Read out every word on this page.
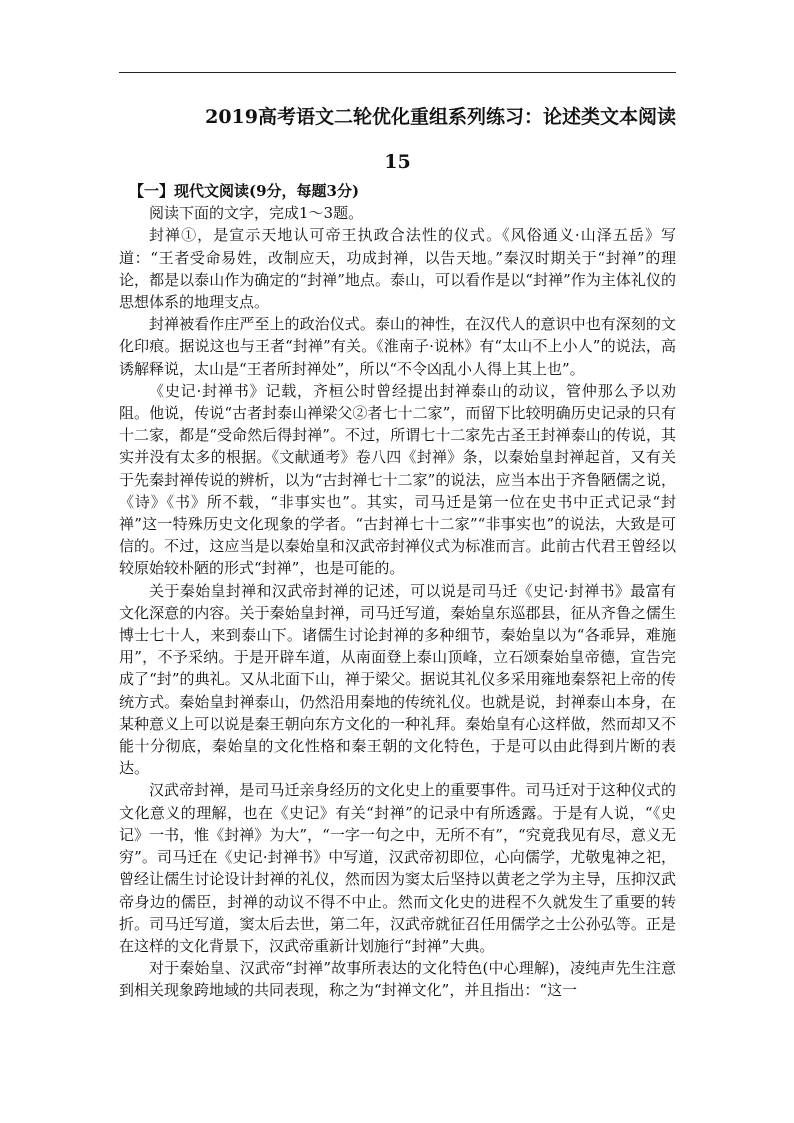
2019高考语文二轮优化重组系列练习：论述类文本阅读
15
【一】现代文阅读(9分，每题3分)

阅读下面的文字，完成1～3题。

封禅①，是宣示天地认可帝王执政合法性的仪式。《风俗通义·山泽五岳》写道：“王者受命易姓，改制应天，功成封禅，以告天地。”秦汉时期关于“封禅”的理论，都是以泰山作为确定的“封禅”地点。泰山，可以看作是以“封禅”作为主体礼仪的思想体系的地理支点。

封禅被看作庄严至上的政治仪式。泰山的神性，在汉代人的意识中也有深刻的文化印痕。据说这也与王者“封禅”有关。《淮南子·说林》有“太山不上小人”的说法，高诱解释说，太山是“王者所封禅处”，所以“不令凶乱小人得上其上也”。

《史记·封禅书》记载，齐桓公时曾经提出封禅泰山的动议，管仲那么予以劝阻。他说，传说“古者封泰山禅梁父②者七十二家”，而留下比较明确历史记录的只有十二家，都是“受命然后得封禅”。不过，所谓七十二家先古圣王封禅泰山的传说，其实并没有太多的根据。《文献通考》卷八四《封禅》条，以秦始皇封禅起首，又有关于先秦封禅传说的辨析，以为“古封禅七十二家”的说法，应当本出于齐鲁陋儒之说，《诗》《书》所不载，“非事实也”。其实，司马迁是第一位在史书中正式记录“封禅”这一特殊历史文化现象的学者。“古封禅七十二家”“非事实也”的说法，大致是可信的。不过，这应当是以秦始皇和汉武帝封禅仪式为标准而言。此前古代君王曾经以较原始较朴陋的形式“封禅”，也是可能的。

关于秦始皇封禅和汉武帝封禅的记述，可以说是司马迁《史记·封禅书》最富有文化深意的内容。关于秦始皇封禅，司马迁写道，秦始皇东巡郡县，征从齐鲁之儒生博士七十人，来到泰山下。诸儒生讨论封禅的多种细节，秦始皇以为“各乖异，难施用”，不予采纳。于是开辟车道，从南面登上泰山顶峰，立石颂秦始皇帝德，宣告完成了“封”的典礼。又从北面下山，禅于梁父。据说其礼仪多采用雍地秦祭祀上帝的传统方式。秦始皇封禅泰山，仍然沿用秦地的传统礼仪。也就是说，封禅泰山本身，在某种意义上可以说是秦王朝向东方文化的一种礼拜。秦始皇有心这样做，然而却又不能十分彻底，秦始皇的文化性格和秦王朝的文化特色，于是可以由此得到片断的表达。

汉武帝封禅，是司马迁亲身经历的文化史上的重要事件。司马迁对于这种仪式的文化意义的理解，也在《史记》有关“封禅”的记录中有所透露。于是有人说，“《史记》一书，惟《封禅》为大”，“一字一句之中，无所不有”，“究竟我见有尽，意义无穷”。司马迁在《史记·封禅书》中写道，汉武帝初即位，心向儒学，尤敬鬼神之祀，曾经让儒生讨论设计封禅的礼仪，然而因为窦太后坚持以黄老之学为主导，压抑汉武帝身边的儒臣，封禅的动议不得不中止。然而文化史的进程不久就发生了重要的转折。司马迁写道，窦太后去世，第二年，汉武帝就征召任用儒学之士公孙弘等。正是在这样的文化背景下，汉武帝重新计划施行“封禅”大典。

对于秦始皇、汉武帝“封禅”故事所表达的文化特色(中心理解)，凌纯声先生注意到相关现象跨地域的共同表现，称之为“封禅文化”，并且指出：“这一
